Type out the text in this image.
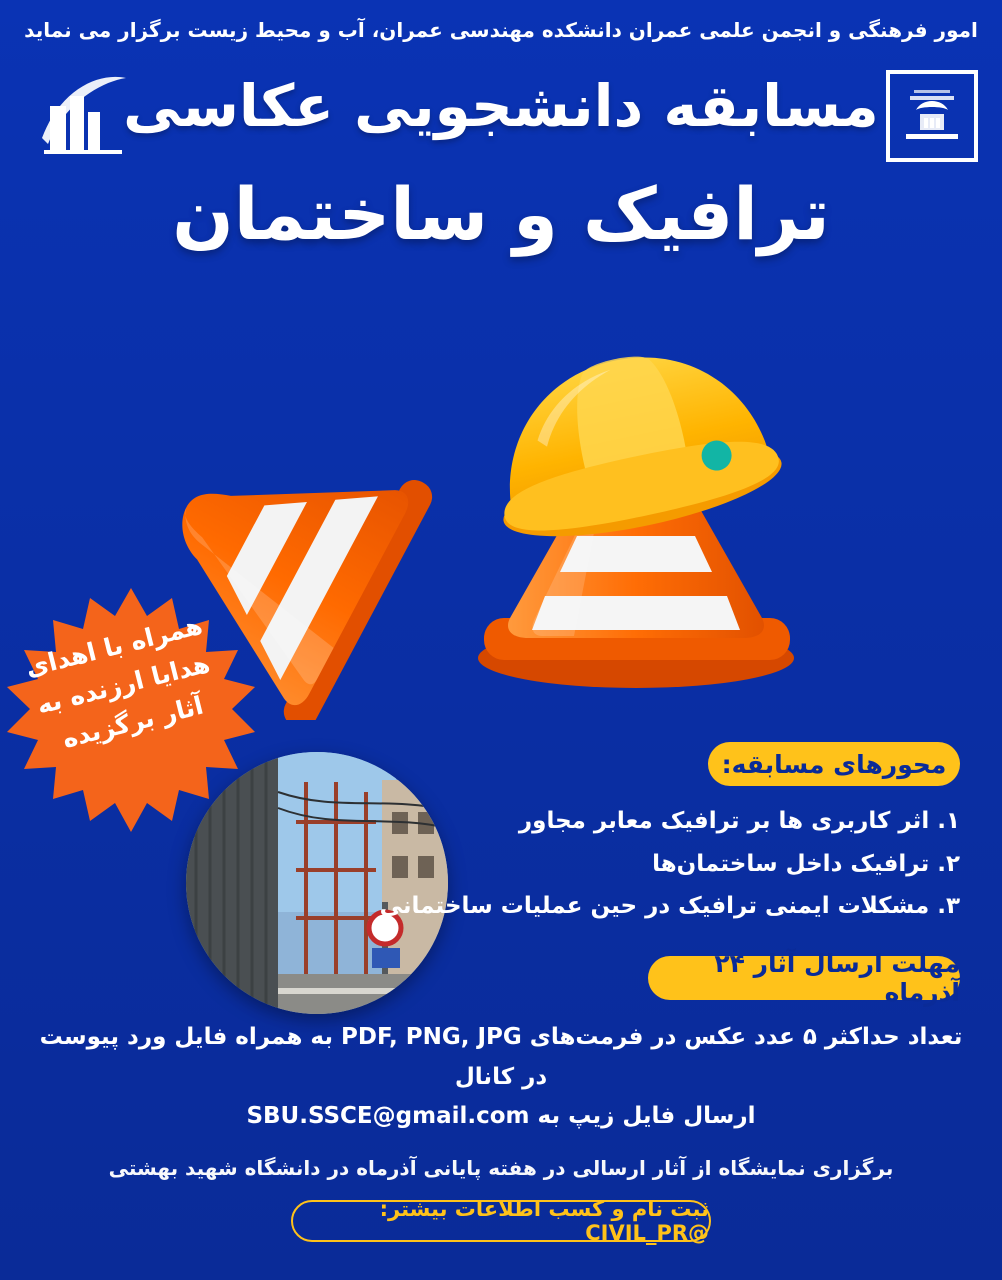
امور فرهنگی و انجمن علمی عمران دانشکده مهندسی عمران، آب و محیط زیست برگزار می نماید
مسابقه دانشجویی عکاسی
ترافیک و ساختمان
همراه با اهدای هدایا ارزنده به آثار برگزیده
محورهای مسابقه:
۱. اثر کاربری ها بر ترافیک معابر مجاور
۲. ترافیک داخل ساختمان‌ها
۳. مشکلات ایمنی ترافیک در حین عملیات ساختمانی
مهلت ارسال آثار ۲۴ آذرماه
تعداد حداکثر ۵ عدد عکس در فرمت‌های PDF, PNG, JPG به همراه فایل ورد پیوست در کانال
ارسال فایل زیپ به SBU.SSCE@gmail.com
برگزاری نمایشگاه از آثار ارسالی در هفته پایانی آذرماه در دانشگاه شهید بهشتی
ثبت نام و کسب اطلاعات بیشتر: @CIVIL_PR
